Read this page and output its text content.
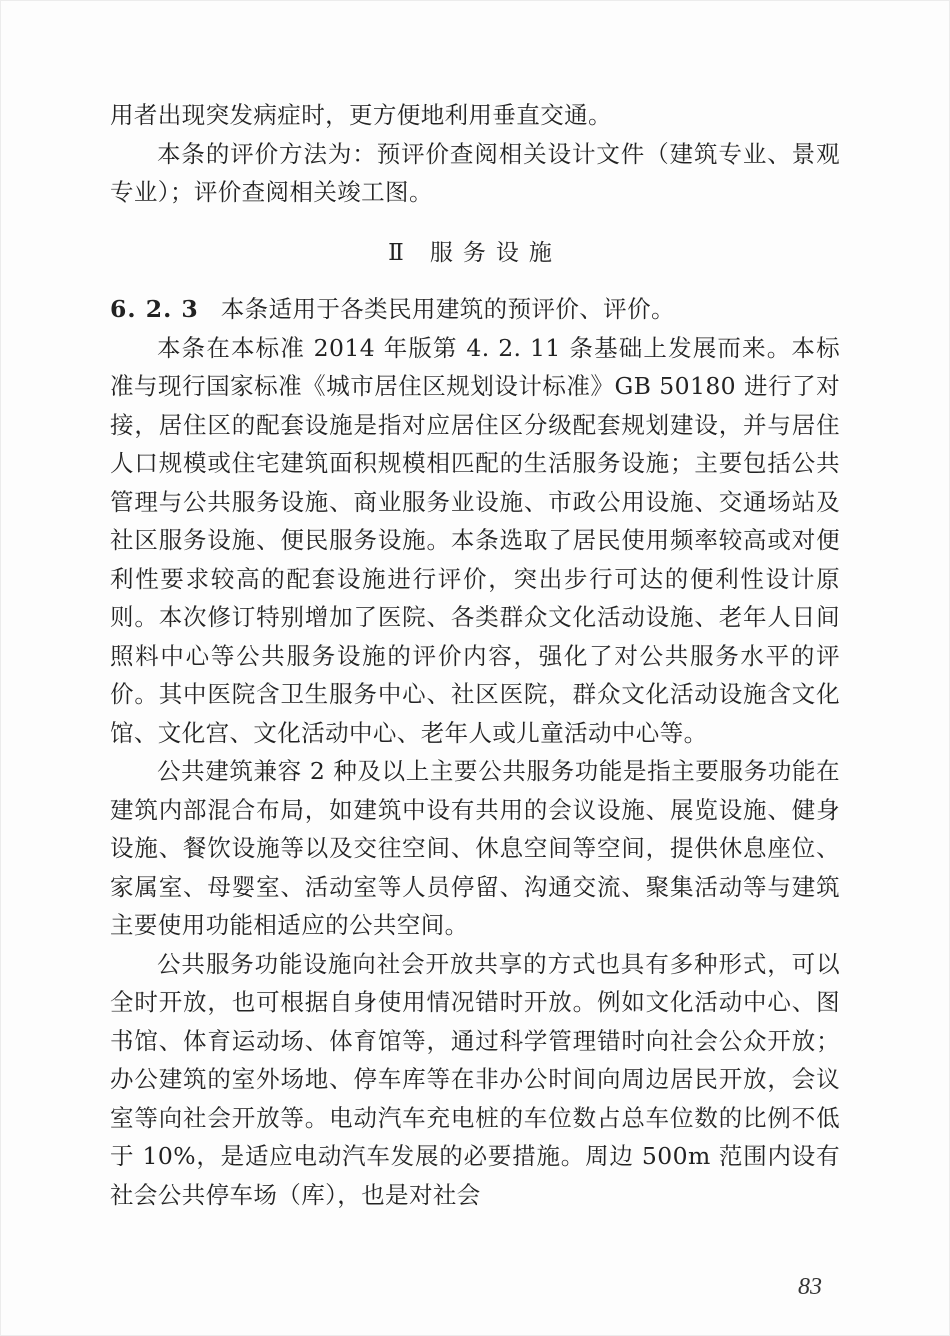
用者出现突发病症时，更方便地利用垂直交通。

本条的评价方法为：预评价查阅相关设计文件（建筑专业、景观专业）；评价查阅相关竣工图。

Ⅱ 服务设施

6. 2. 3 本条适用于各类民用建筑的预评价、评价。

本条在本标准 2014 年版第 4. 2. 11 条基础上发展而来。本标准与现行国家标准《城市居住区规划设计标准》GB 50180 进行了对接，居住区的配套设施是指对应居住区分级配套规划建设，并与居住人口规模或住宅建筑面积规模相匹配的生活服务设施；主要包括公共管理与公共服务设施、商业服务业设施、市政公用设施、交通场站及社区服务设施、便民服务设施。本条选取了居民使用频率较高或对便利性要求较高的配套设施进行评价，突出步行可达的便利性设计原则。本次修订特别增加了医院、各类群众文化活动设施、老年人日间照料中心等公共服务设施的评价内容，强化了对公共服务水平的评价。其中医院含卫生服务中心、社区医院，群众文化活动设施含文化馆、文化宫、文化活动中心、老年人或儿童活动中心等。

公共建筑兼容 2 种及以上主要公共服务功能是指主要服务功能在建筑内部混合布局，如建筑中设有共用的会议设施、展览设施、健身设施、餐饮设施等以及交往空间、休息空间等空间，提供休息座位、家属室、母婴室、活动室等人员停留、沟通交流、聚集活动等与建筑主要使用功能相适应的公共空间。

公共服务功能设施向社会开放共享的方式也具有多种形式，可以全时开放，也可根据自身使用情况错时开放。例如文化活动中心、图书馆、体育运动场、体育馆等，通过科学管理错时向社会公众开放；办公建筑的室外场地、停车库等在非办公时间向周边居民开放，会议室等向社会开放等。电动汽车充电桩的车位数占总车位数的比例不低于 10%，是适应电动汽车发展的必要措施。周边 500m 范围内设有社会公共停车场（库），也是对社会

83
